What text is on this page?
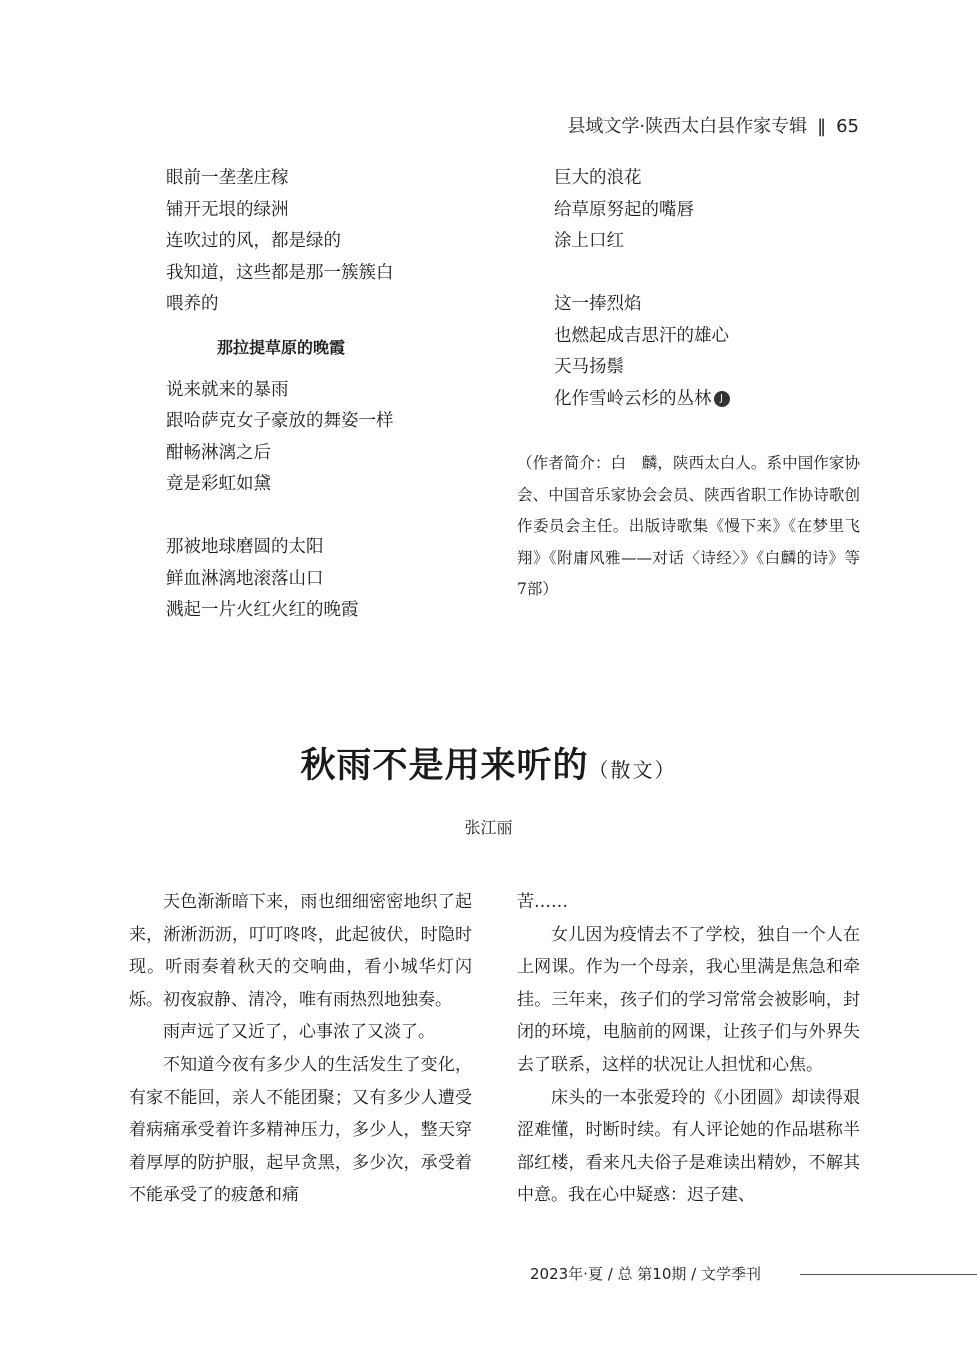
县域文学·陕西太白县作家专辑 ‖ 65
眼前一垄垄庄稼
铺开无垠的绿洲
连吹过的风，都是绿的
我知道，这些都是那一簇簇白
喂养的
那拉提草原的晚霞
说来就来的暴雨
跟哈萨克女子豪放的舞姿一样
酣畅淋漓之后
竟是彩虹如黛
那被地球磨圆的太阳
鲜血淋漓地滚落山口
溅起一片火红火红的晚霞
巨大的浪花
给草原努起的嘴唇
涂上口红
这一捧烈焰
也燃起成吉思汗的雄心
天马扬鬃
化作雪岭云杉的丛林 J
（作者简介：白　麟，陕西太白人。系中国作家协会、中国音乐家协会会员、陕西省职工作协诗歌创作委员会主任。出版诗歌集《慢下来》《在梦里飞翔》《附庸风雅——对话〈诗经〉》《白麟的诗》等7部）
秋雨不是用来听的（散文）
张江丽

天色渐渐暗下来，雨也细细密密地织了起来，淅淅沥沥，叮叮咚咚，此起彼伏，时隐时现。听雨奏着秋天的交响曲，看小城华灯闪烁。初夜寂静、清冷，唯有雨热烈地独奏。

雨声远了又近了，心事浓了又淡了。

不知道今夜有多少人的生活发生了变化，有家不能回，亲人不能团聚；又有多少人遭受着病痛承受着许多精神压力，多少人，整天穿着厚厚的防护服，起早贪黑，多少次，承受着不能承受了的疲惫和痛

苦……

女儿因为疫情去不了学校，独自一个人在上网课。作为一个母亲，我心里满是焦急和牵挂。三年来，孩子们的学习常常会被影响，封闭的环境，电脑前的网课，让孩子们与外界失去了联系，这样的状况让人担忧和心焦。

床头的一本张爱玲的《小团圆》却读得艰涩难懂，时断时续。有人评论她的作品堪称半部红楼，看来凡夫俗子是难读出精妙，不解其中意。我在心中疑惑：迟子建、

2023年·夏 / 总 第10期 / 文学季刊
